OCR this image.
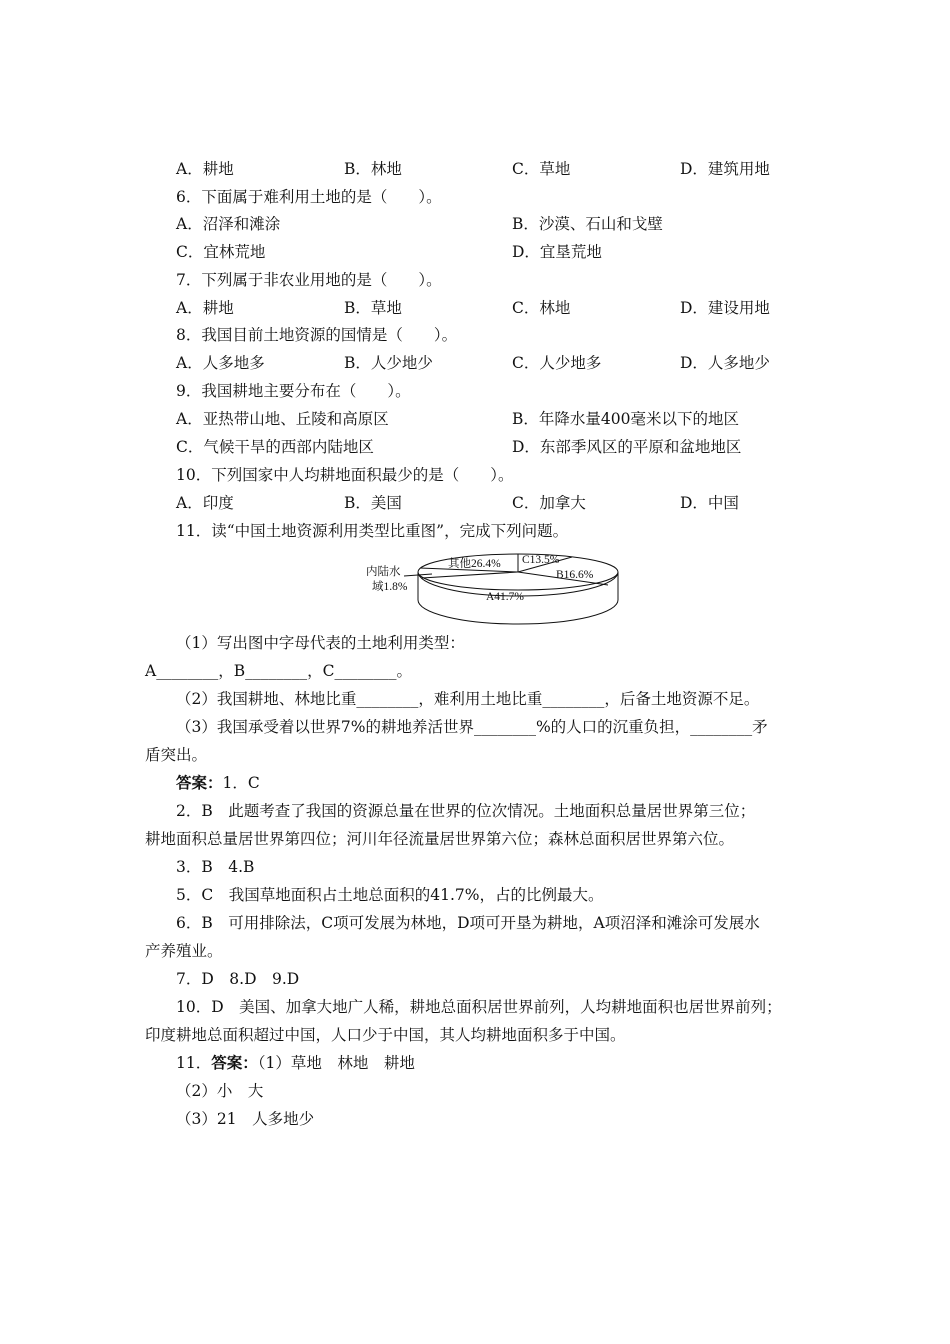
A．耕地	B．林地	C．草地	D．建筑用地
6．下面属于难利用土地的是（　　）。
A．沼泽和滩涂	B．沙漠、石山和戈壁
C．宜林荒地	D．宜垦荒地
7．下列属于非农业用地的是（　　）。
A．耕地	B．草地	C．林地	D．建设用地
8．我国目前土地资源的国情是（　　）。
A．人多地多	B．人少地少	C．人少地多	D．人多地少
9．我国耕地主要分布在（　　）。
A．亚热带山地、丘陵和高原区	B．年降水量400毫米以下的地区
C．气候干旱的西部内陆地区	D．东部季风区的平原和盆地地区
10．下列国家中人均耕地面积最少的是（　　）。
A．印度	B．美国	C．加拿大	D．中国
11．读“中国土地资源利用类型比重图”，完成下列问题。
其他26.4% C13.5%
B16.6%
A41.7%
内陆水
域1.8%
（1）写出图中字母代表的土地利用类型：
A________，B________，C________。
（2）我国耕地、林地比重________，难利用土地比重________，后备土地资源不足。
（3）我国承受着以世界7%的耕地养活世界________%的人口的沉重负担，________矛
盾突出。
答案：1．C
2．B　此题考查了我国的资源总量在世界的位次情况。土地面积总量居世界第三位；
耕地面积总量居世界第四位；河川年径流量居世界第六位；森林总面积居世界第六位。
3．B　4.B
5．C　我国草地面积占土地总面积的41.7%，占的比例最大。
6．B　可用排除法，C项可发展为林地，D项可开垦为耕地，A项沼泽和滩涂可发展水
产养殖业。
7．D　8.D　9.D
10．D　美国、加拿大地广人稀，耕地总面积居世界前列，人均耕地面积也居世界前列；
印度耕地总面积超过中国，人口少于中国，其人均耕地面积多于中国。
11．答案：（1）草地　林地　耕地
（2）小　大
（3）21　人多地少
